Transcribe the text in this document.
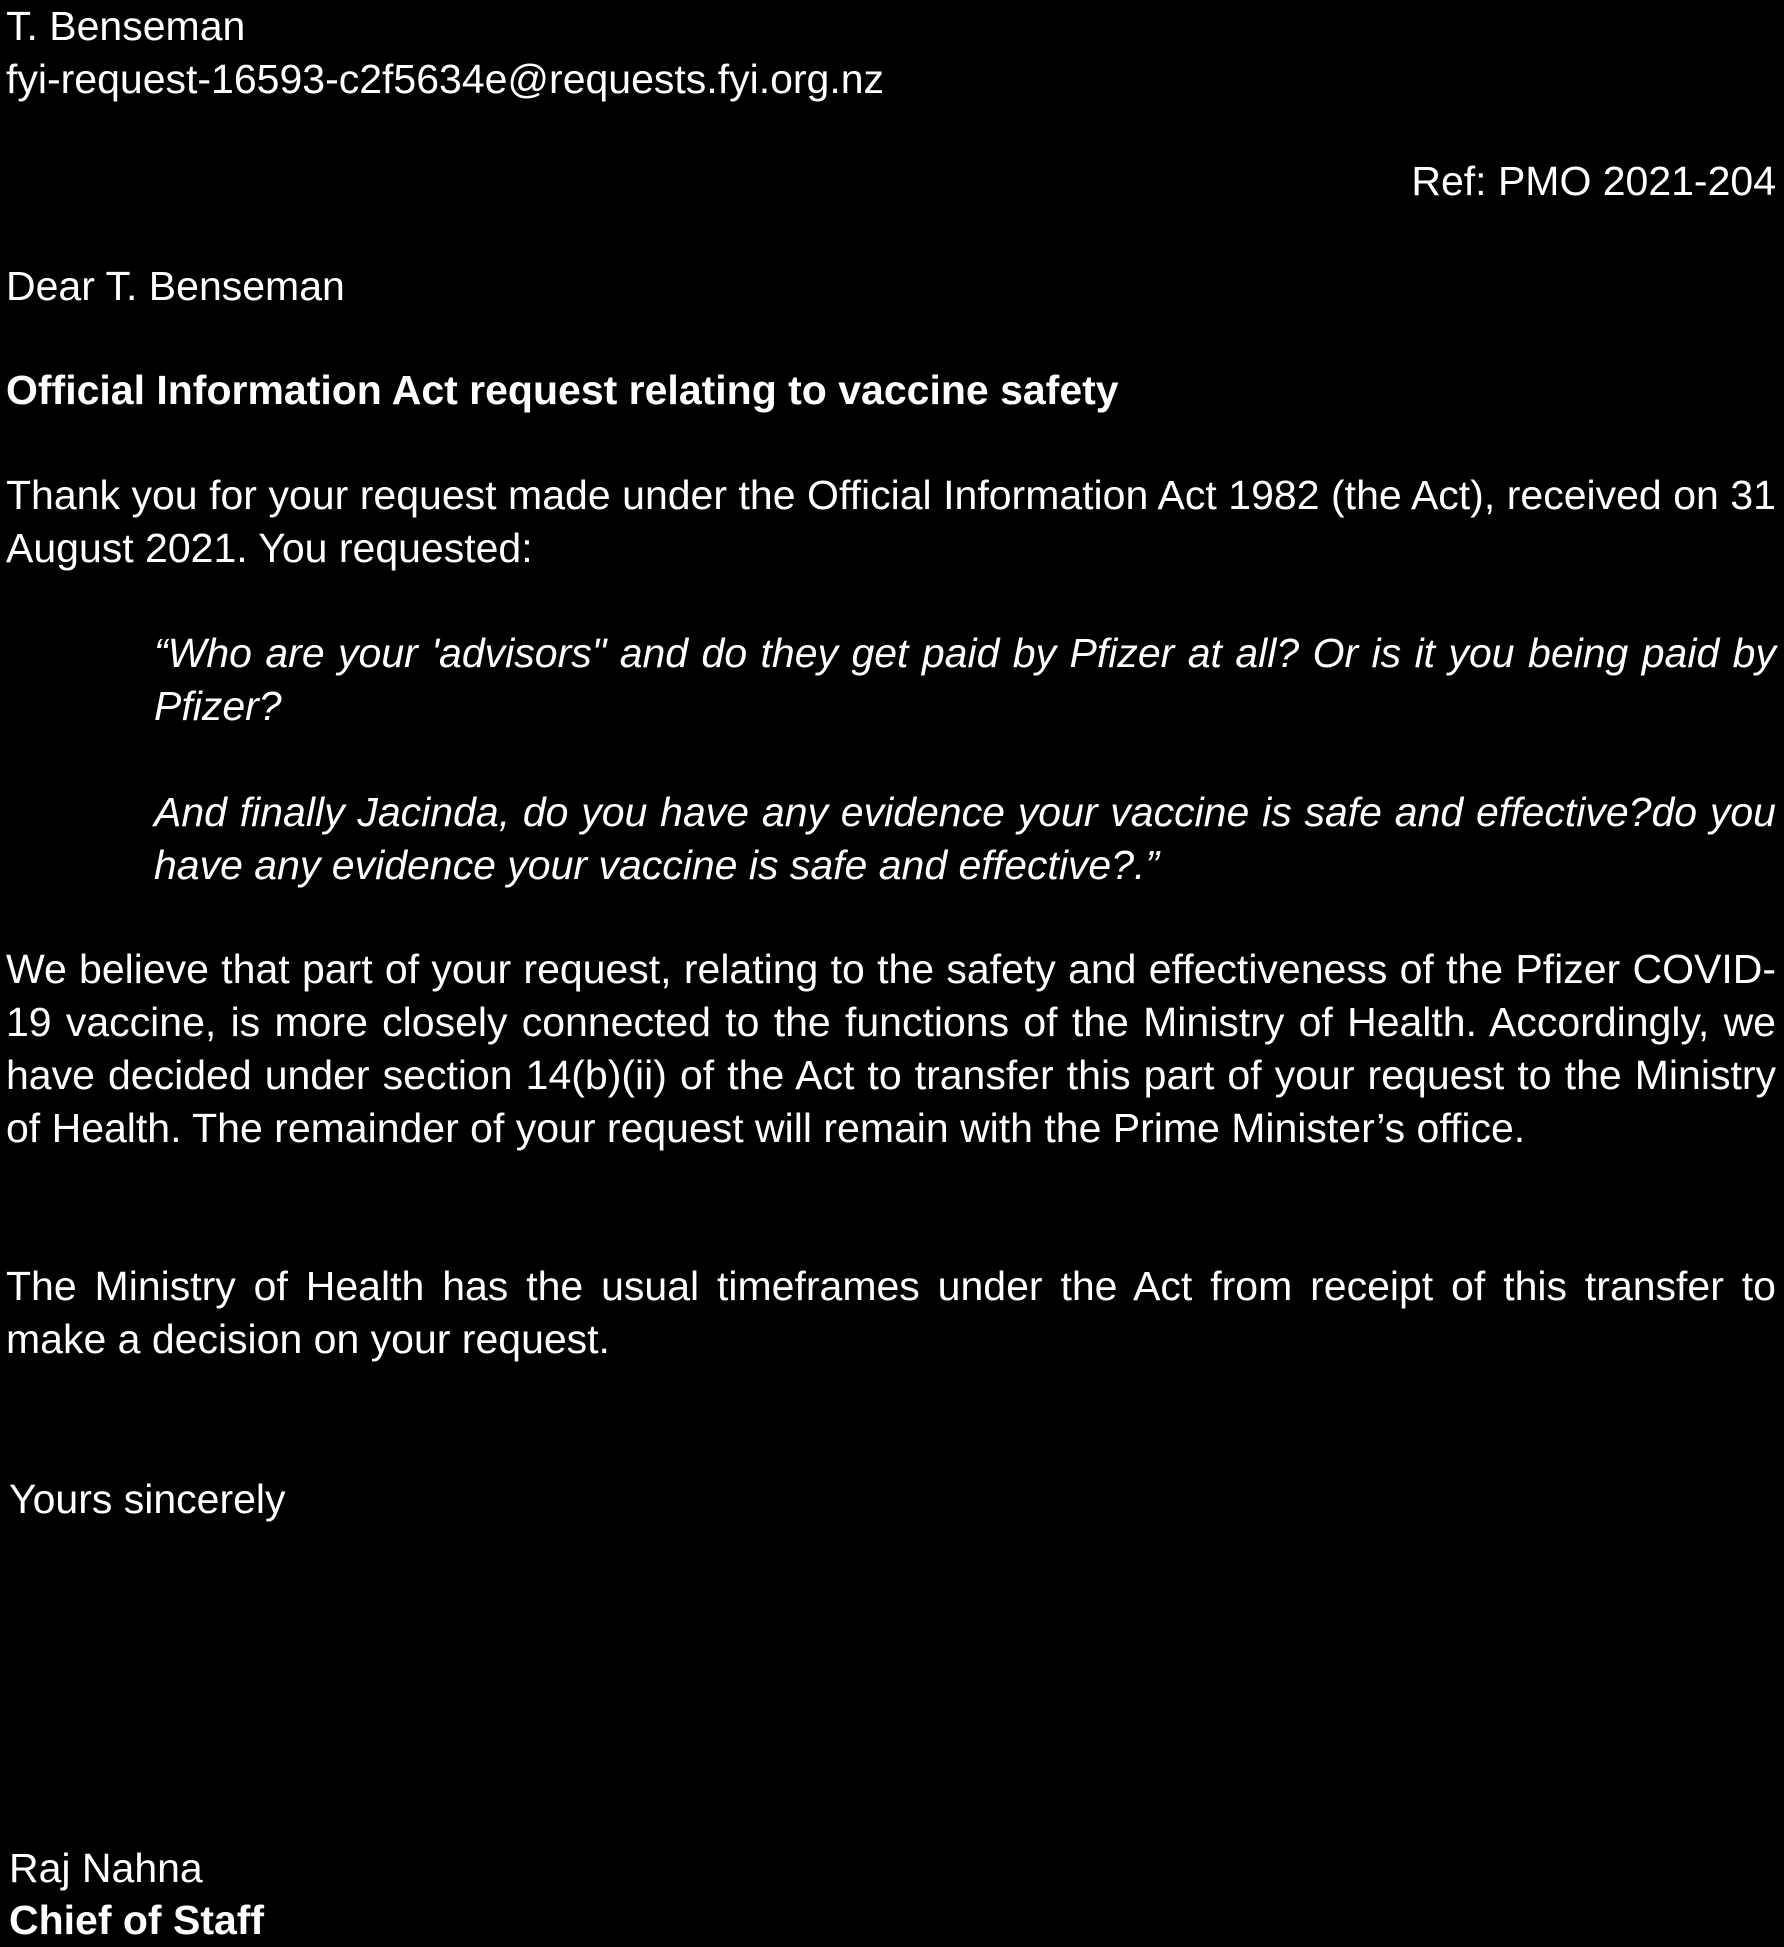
T. Benseman
fyi-request-16593-c2f5634e@requests.fyi.org.nz
Ref: PMO 2021-204
Dear T. Benseman
Official Information Act request relating to vaccine safety

Thank you for your request made under the Official Information Act 1982 (the Act), received on 31 August 2021. You requested:

“Who are your 'advisors" and do they get paid by Pfizer at all? Or is it you being paid by Pfizer?

And finally Jacinda, do you have any evidence your vaccine is safe and effective?do you have any evidence your vaccine is safe and effective?.”

We believe that part of your request, relating to the safety and effectiveness of the Pfizer COVID-19 vaccine, is more closely connected to the functions of the Ministry of Health. Accordingly, we have decided under section 14(b)(ii) of the Act to transfer this part of your request to the Ministry of Health. The remainder of your request will remain with the Prime Minister’s office.

The Ministry of Health has the usual timeframes under the Act from receipt of this transfer to make a decision on your request.

Yours sincerely
Raj Nahna
Chief of Staff
